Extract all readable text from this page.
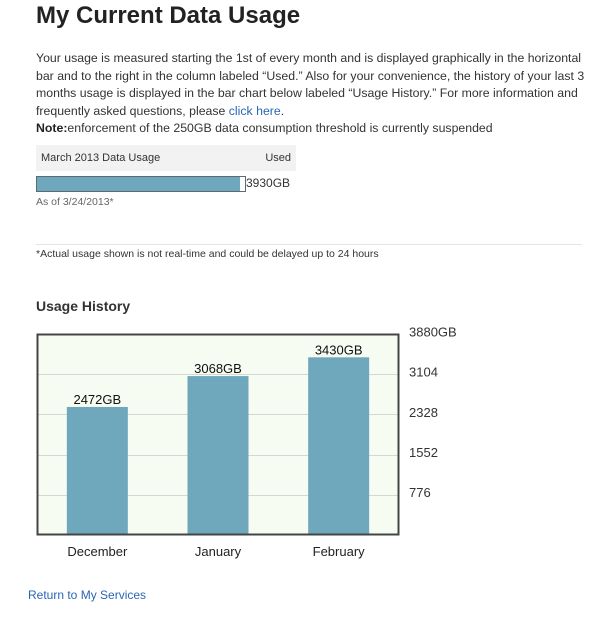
My Current Data Usage
Your usage is measured starting the 1st of every month and is displayed graphically in the horizontal bar and to the right in the column labeled “Used.” Also for your convenience, the history of your last 3 months usage is displayed in the bar chart below labeled “Usage History.” For more information and frequently asked questions, please click here.
Note:enforcement of the 250GB data consumption threshold is currently suspended
March 2013 Data Usage	Used
3930GB
As of 3/24/2013*
*Actual usage shown is not real-time and could be delayed up to 24 hours
Usage History
2472GB
December
3068GB
January
3430GB
February
776
1552
2328
3104
3880GB
Return to My Services
